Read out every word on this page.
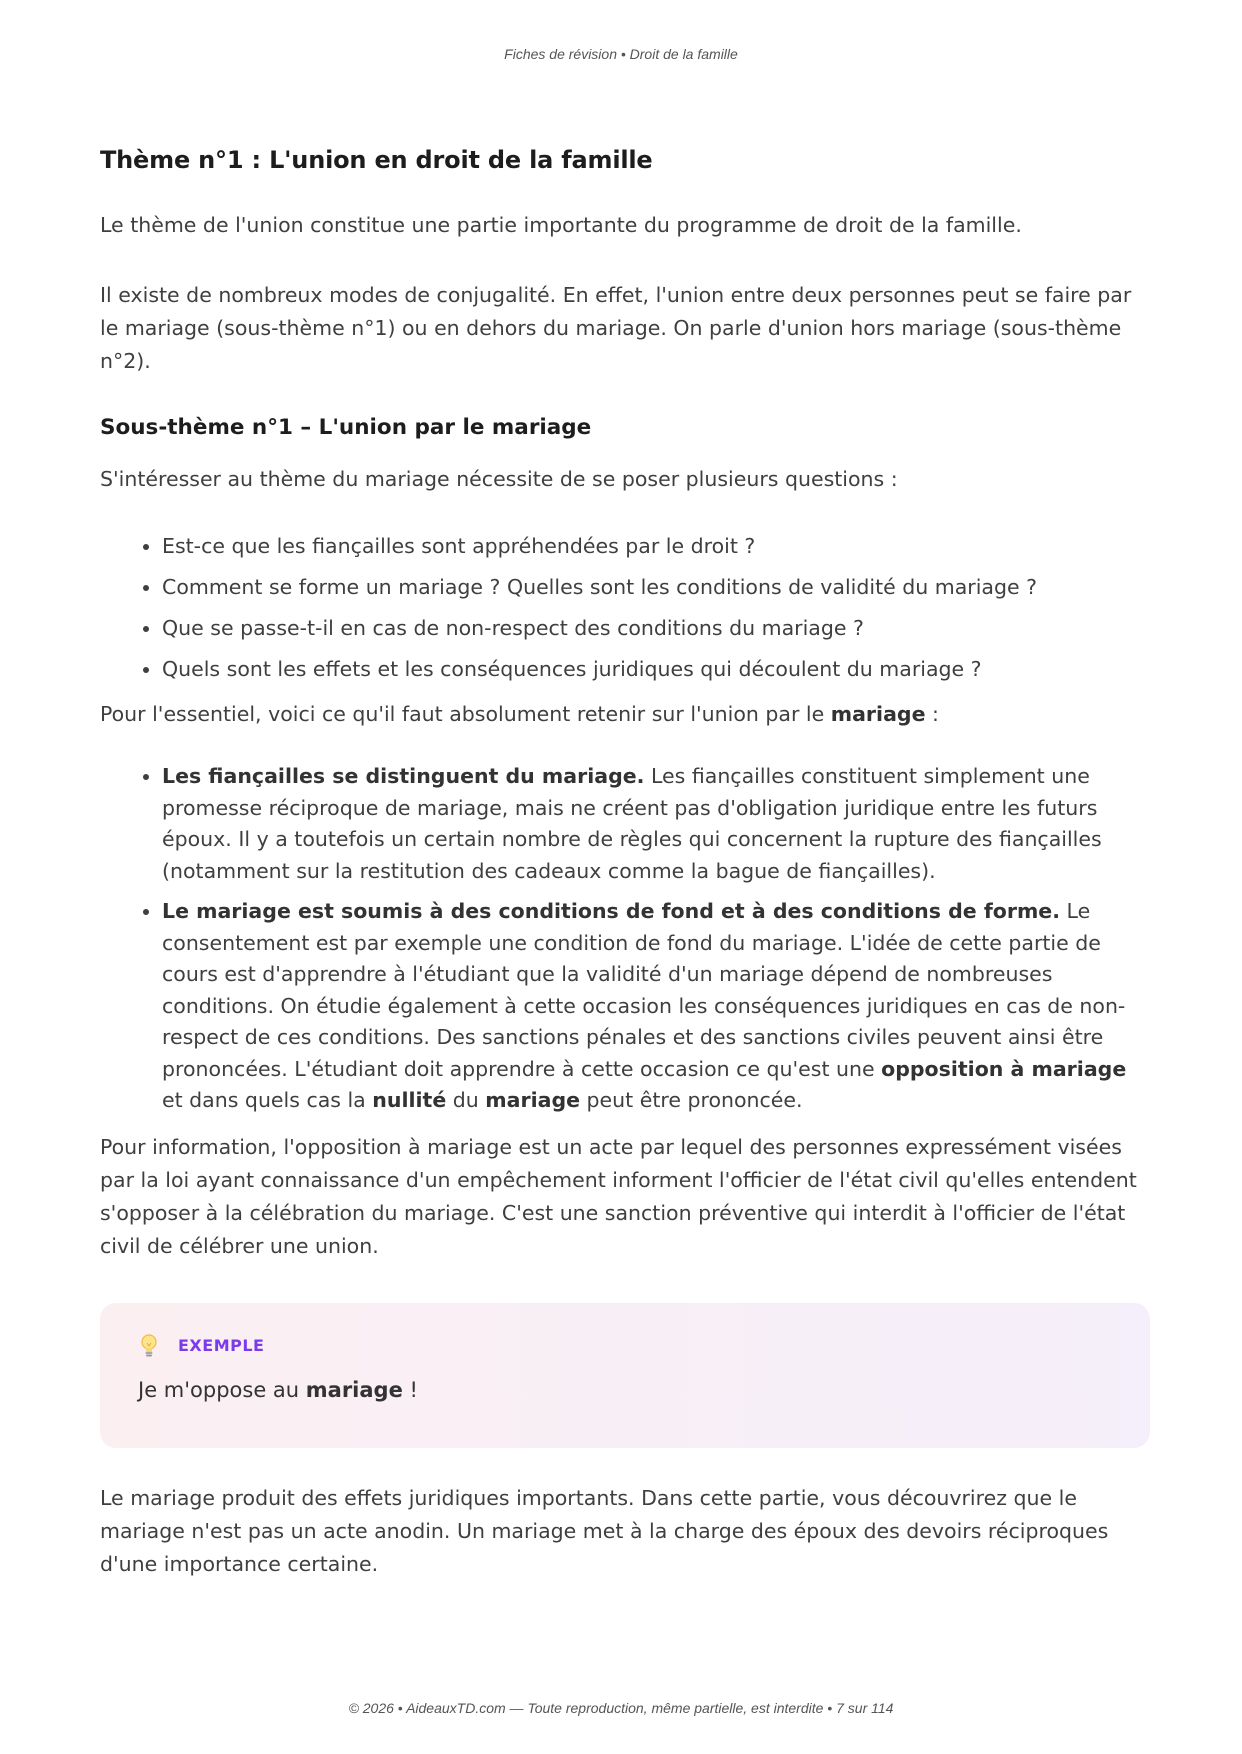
Fiches de révision • Droit de la famille
Thème n°1 : L'union en droit de la famille

Le thème de l'union constitue une partie importante du programme de droit de la famille.

Il existe de nombreux modes de conjugalité. En effet, l'union entre deux personnes peut se faire par le mariage (sous-thème n°1) ou en dehors du mariage. On parle d'union hors mariage (sous-thème n°2).

Sous-thème n°1 – L'union par le mariage

S'intéresser au thème du mariage nécessite de se poser plusieurs questions :

• Est-ce que les fiançailles sont appréhendées par le droit ?
• Comment se forme un mariage ? Quelles sont les conditions de validité du mariage ?
• Que se passe-t-il en cas de non-respect des conditions du mariage ?
• Quels sont les effets et les conséquences juridiques qui découlent du mariage ?

Pour l'essentiel, voici ce qu'il faut absolument retenir sur l'union par le mariage :

• Les fiançailles se distinguent du mariage. Les fiançailles constituent simplement une promesse réciproque de mariage, mais ne créent pas d'obligation juridique entre les futurs époux. Il y a toutefois un certain nombre de règles qui concernent la rupture des fiançailles (notamment sur la restitution des cadeaux comme la bague de fiançailles).
• Le mariage est soumis à des conditions de fond et à des conditions de forme. Le consentement est par exemple une condition de fond du mariage. L'idée de cette partie de cours est d'apprendre à l'étudiant que la validité d'un mariage dépend de nombreuses conditions. On étudie également à cette occasion les conséquences juridiques en cas de non-respect de ces conditions. Des sanctions pénales et des sanctions civiles peuvent ainsi être prononcées. L'étudiant doit apprendre à cette occasion ce qu'est une opposition à mariage et dans quels cas la nullité du mariage peut être prononcée.

Pour information, l'opposition à mariage est un acte par lequel des personnes expressément visées par la loi ayant connaissance d'un empêchement informent l'officier de l'état civil qu'elles entendent s'opposer à la célébration du mariage. C'est une sanction préventive qui interdit à l'officier de l'état civil de célébrer une union.

EXEMPLE
Je m'oppose au mariage !

Le mariage produit des effets juridiques importants. Dans cette partie, vous découvrirez que le mariage n'est pas un acte anodin. Un mariage met à la charge des époux des devoirs réciproques d'une importance certaine.

© 2026 • AideauxTD.com — Toute reproduction, même partielle, est interdite • 7 sur 114
